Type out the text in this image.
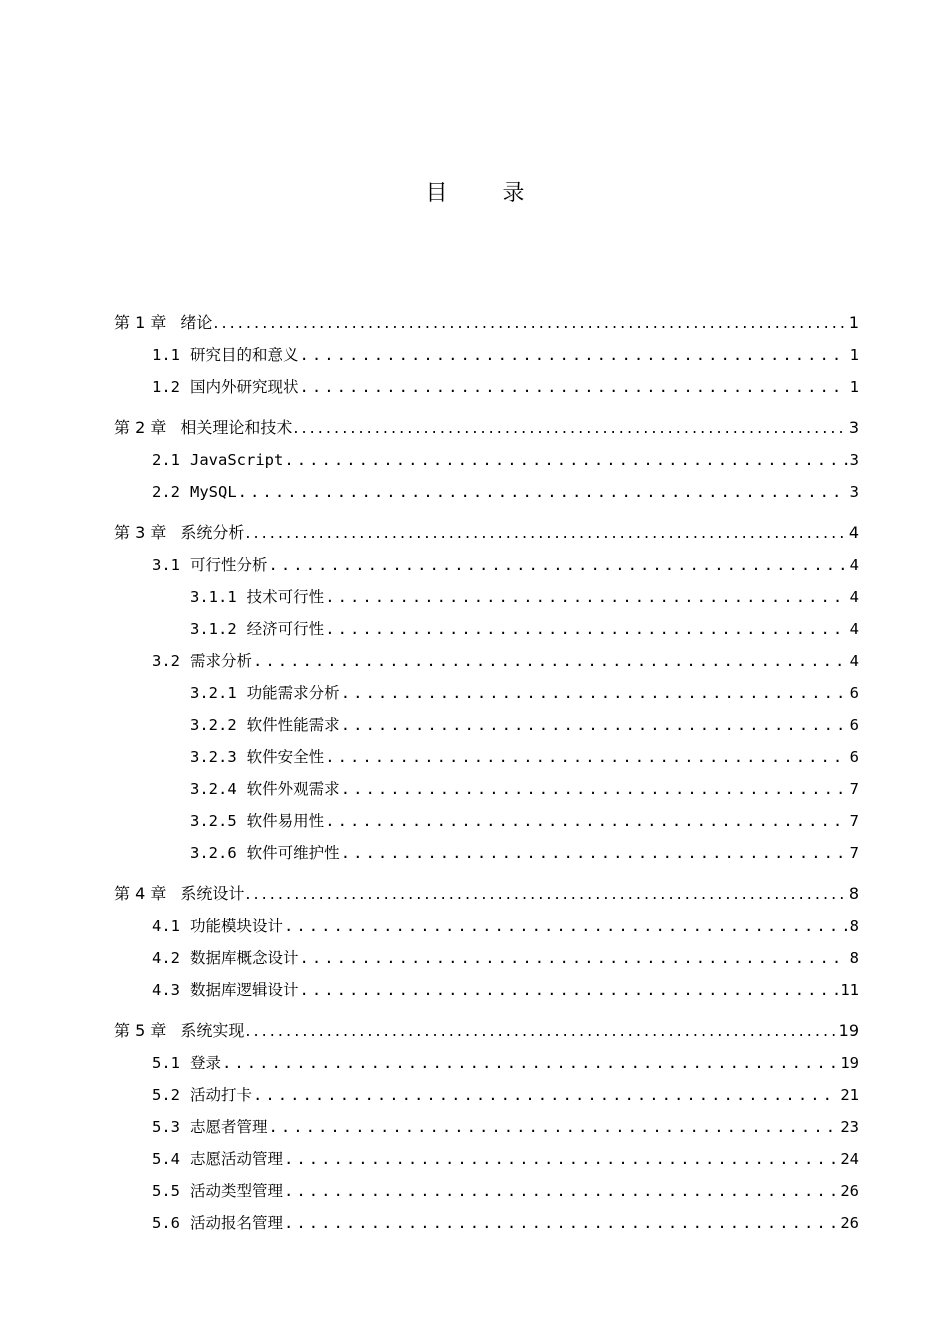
目 录
第 1 章 绪论 .....	1
1.1 研究目的和意义 .....	1
1.2 国内外研究现状 .....	1
第 2 章 相关理论和技术 .....	3
2.1 JavaScript .....	3
2.2 MySQL .....	3
第 3 章 系统分析 .....	4
3.1 可行性分析 .....	4
3.1.1 技术可行性 .....	4
3.1.2 经济可行性 .....	4
3.2 需求分析 .....	4
3.2.1 功能需求分析 .....	6
3.2.2 软件性能需求 .....	6
3.2.3 软件安全性 .....	6
3.2.4 软件外观需求 .....	7
3.2.5 软件易用性 .....	7
3.2.6 软件可维护性 .....	7
第 4 章 系统设计 .....	8
4.1 功能模块设计 .....	8
4.2 数据库概念设计 .....	8
4.3 数据库逻辑设计 .....	11
第 5 章 系统实现 .....	19
5.1 登录 .....	19
5.2 活动打卡 .....	21
5.3 志愿者管理 .....	23
5.4 志愿活动管理 .....	24
5.5 活动类型管理 .....	26
5.6 活动报名管理 .....	26
